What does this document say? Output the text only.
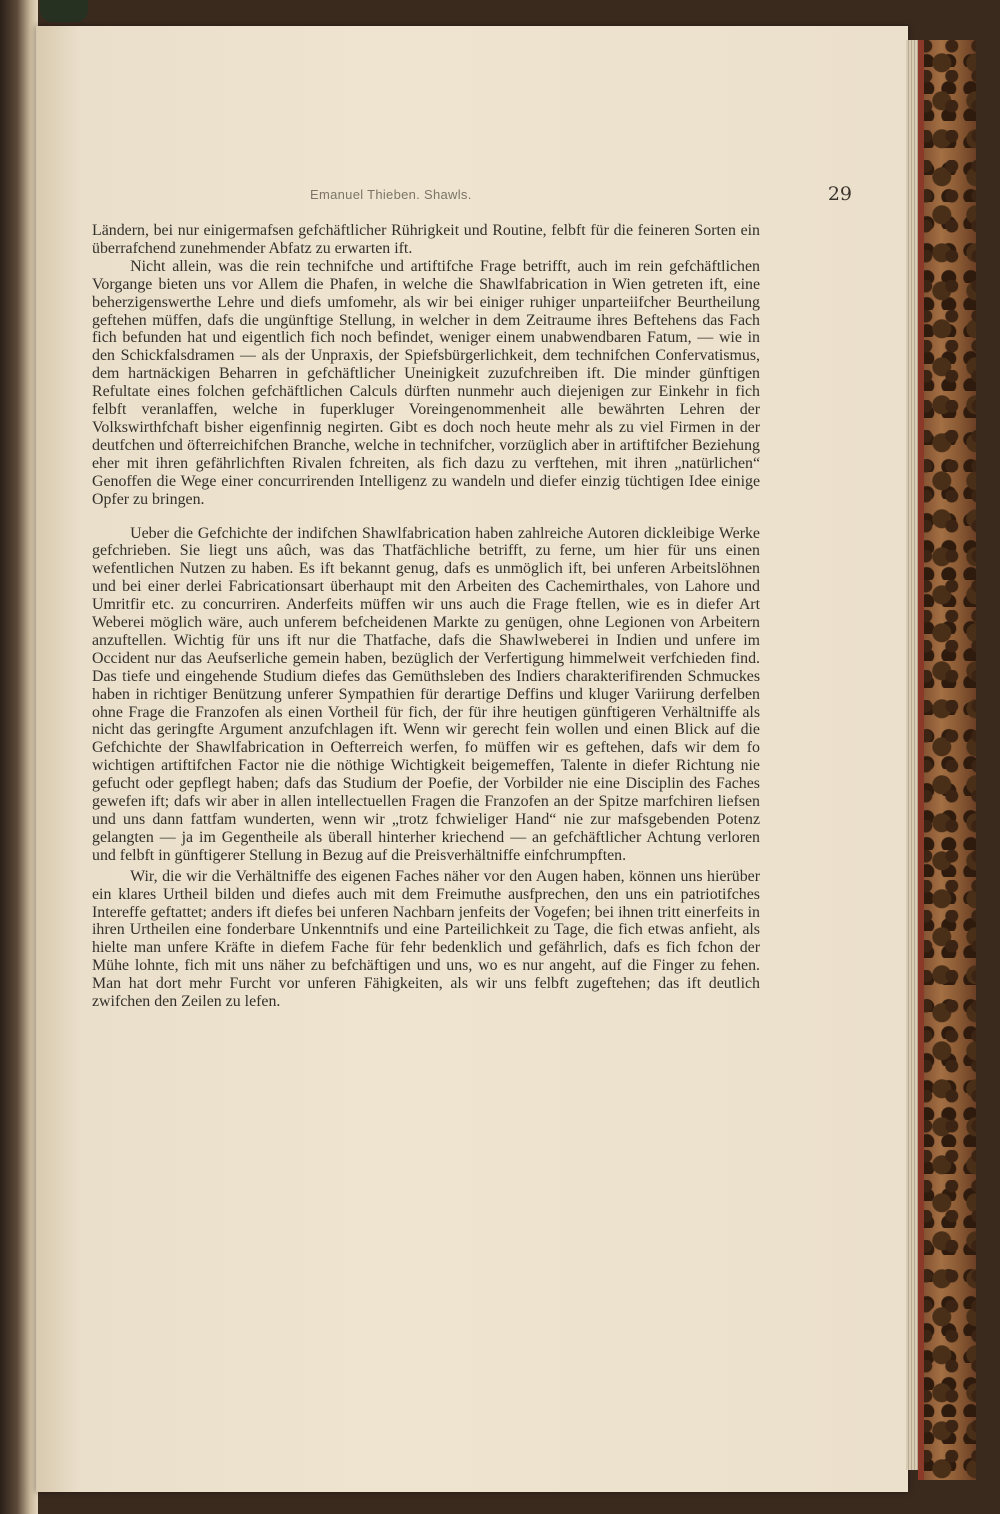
Emanuel Thieben. Shawls.	29

Ländern, bei nur einigermafsen gefchäftlicher Rührigkeit und Routine, felbft für die feineren Sorten ein überrafchend zunehmender Abfatz zu erwarten ift.

Nicht allein, was die rein technifche und artiftifche Frage betrifft, auch im rein gefchäftlichen Vorgange bieten uns vor Allem die Phafen, in welche die Shawlfabrication in Wien getreten ift, eine beherzigenswerthe Lehre und diefs umfomehr, als wir bei einiger ruhiger unparteiifcher Beurtheilung geftehen müffen, dafs die ungünftige Stellung, in welcher in dem Zeitraume ihres Beftehens das Fach fich befunden hat und eigentlich fich noch befindet, weniger einem unabwendbaren Fatum, — wie in den Schickfalsdramen — als der Unpraxis, der Spiefsbürgerlichkeit, dem technifchen Confervatismus, dem hartnäckigen Beharren in gefchäftlicher Uneinigkeit zuzufchreiben ift. Die minder günftigen Refultate eines folchen gefchäftlichen Calculs dürften nunmehr auch diejenigen zur Einkehr in fich felbft veranlaffen, welche in fuperkluger Voreingenommenheit alle bewährten Lehren der Volkswirthfchaft bisher eigenfinnig negirten. Gibt es doch noch heute mehr als zu viel Firmen in der deutfchen und öfterreichifchen Branche, welche in technifcher, vorzüglich aber in artiftifcher Beziehung eher mit ihren gefährlichften Rivalen fchreiten, als fich dazu zu verftehen, mit ihren „natürlichen“ Genoffen die Wege einer concurrirenden Intelligenz zu wandeln und diefer einzig tüchtigen Idee einige Opfer zu bringen.

Ueber die Gefchichte der indifchen Shawlfabrication haben zahlreiche Autoren dickleibige Werke gefchrieben. Sie liegt uns aûch, was das Thatfächliche betrifft, zu ferne, um hier für uns einen wefentlichen Nutzen zu haben. Es ift bekannt genug, dafs es unmöglich ift, bei unferen Arbeitslöhnen und bei einer derlei Fabricationsart überhaupt mit den Arbeiten des Cachemirthales, von Lahore und Umritfir etc. zu concurriren. Anderfeits müffen wir uns auch die Frage ftellen, wie es in diefer Art Weberei möglich wäre, auch unferem befcheidenen Markte zu genügen, ohne Legionen von Arbeitern anzuftellen. Wichtig für uns ift nur die Thatfache, dafs die Shawlweberei in Indien und unfere im Occident nur das Aeufserliche gemein haben, bezüglich der Verfertigung himmelweit verfchieden find. Das tiefe und eingehende Studium diefes das Gemüthsleben des Indiers charakterifirenden Schmuckes haben in richtiger Benützung unferer Sympathien für derartige Deffins und kluger Variirung derfelben ohne Frage die Franzofen als einen Vortheil für fich, der für ihre heutigen günftigeren Verhältniffe als nicht das geringfte Argument anzufchlagen ift. Wenn wir gerecht fein wollen und einen Blick auf die Gefchichte der Shawlfabrication in Oefterreich werfen, fo müffen wir es geftehen, dafs wir dem fo wichtigen artiftifchen Factor nie die nöthige Wichtigkeit beigemeffen, Talente in diefer Richtung nie gefucht oder gepflegt haben; dafs das Studium der Poefie, der Vorbilder nie eine Disciplin des Faches gewefen ift; dafs wir aber in allen intellectuellen Fragen die Franzofen an der Spitze marfchiren liefsen und uns dann fattfam wunderten, wenn wir „trotz fchwieliger Hand“ nie zur mafsgebenden Potenz gelangten — ja im Gegentheile als überall hinterher kriechend — an gefchäftlicher Achtung verloren und felbft in günftigerer Stellung in Bezug auf die Preisverhältniffe einfchrumpften.

Wir, die wir die Verhältniffe des eigenen Faches näher vor den Augen haben, können uns hierüber ein klares Urtheil bilden und diefes auch mit dem Freimuthe ausfprechen, den uns ein patriotifches Intereffe geftattet; anders ift diefes bei unferen Nachbarn jenfeits der Vogefen; bei ihnen tritt einerfeits in ihren Urtheilen eine fonderbare Unkenntnifs und eine Parteilichkeit zu Tage, die fich etwas anfieht, als hielte man unfere Kräfte in diefem Fache für fehr bedenklich und gefährlich, dafs es fich fchon der Mühe lohnte, fich mit uns näher zu befchäftigen und uns, wo es nur angeht, auf die Finger zu fehen. Man hat dort mehr Furcht vor unferen Fähigkeiten, als wir uns felbft zugeftehen; das ift deutlich zwifchen den Zeilen zu lefen.
